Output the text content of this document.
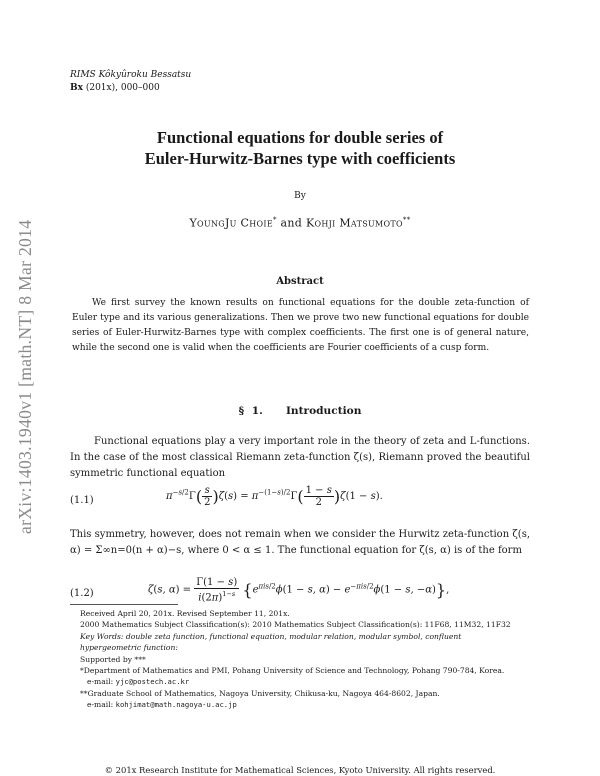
arXiv:1403.1940v1 [math.NT] 8 Mar 2014
RIMS Kôkyûroku Bessatsu
Bx (201x), 000–000
Functional equations for double series of
Euler-Hurwitz-Barnes type with coefficients
By
YoungJu Choie* and Kohji Matsumoto**
Abstract
We first survey the known results on functional equations for the double zeta-function of Euler type and its various generalizations. Then we prove two new functional equations for double series of Euler-Hurwitz-Barnes type with complex coefficients. The first one is of general nature, while the second one is valid when the coefficients are Fourier coefficients of a cusp form.
§ 1. Introduction
Functional equations play a very important role in the theory of zeta and L-functions. In the case of the most classical Riemann zeta-function ζ(s), Riemann proved the beautiful symmetric functional equation
(1.1)	$\pi^{-s/2}\Gamma( \frac{s}{2} )\zeta(s) = \pi^{-(1-s)/2}\Gamma( \frac{1 - s}{2} )\zeta(1 - s)$.
This symmetry, however, does not remain when we consider the Hurwitz zeta-function ζ(s, α) = Σ∞n=0(n + α)−s, where 0 < α ≤ 1. The functional equation for ζ(s, α) is of the form
(1.2)	ζ(s, $\alpha) = \frac{\Gamma(1 - s)}{i(2\pi)^{1-s}} \{e^{\pi is/2}\phi(1 - s$, $\alpha) - e^{-\pi is/2}\phi(1 - s$, −α)},
Received April 20, 201x. Revised September 11, 201x.
2000 Mathematics Subject Classification(s): 2010 Mathematics Subject Classification(s): 11F68, 11M32, 11F32
Key Words: double zeta function, functional equation, modular relation, modular symbol, confluent hypergeometric function:
Supported by ***
*Department of Mathematics and PMI, Pohang University of Science and Technology, Pohang 790-784, Korea.
e-mail: yjc@postech.ac.kr
**Graduate School of Mathematics, Nagoya University, Chikusa-ku, Nagoya 464-8602, Japan.
e-mail: kohjimat@math.nagoya-u.ac.jp
© 201x Research Institute for Mathematical Sciences, Kyoto University. All rights reserved.
